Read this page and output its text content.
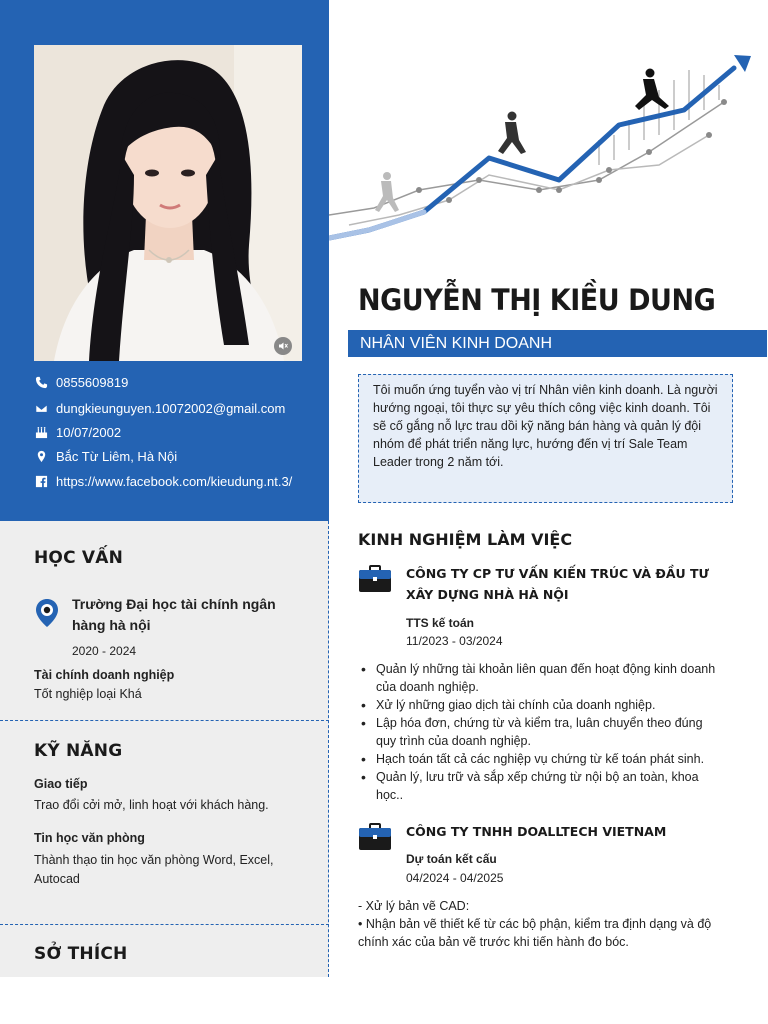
0855609819
dungkieunguyen.10072002@gmail.com
10/07/2002
Bắc Từ Liêm, Hà Nội
https://www.facebook.com/kieudung.nt.3/
HỌC VẤN
Trường Đại học tài chính ngân hàng hà nội
2020 - 2024
Tài chính doanh nghiệp
Tốt nghiệp loại Khá
KỸ NĂNG
Giao tiếp
Trao đổi cởi mở, linh hoạt với khách hàng.
Tin học văn phòng
Thành thạo tin học văn phòng Word, Excel, Autocad
SỞ THÍCH
NGUYỄN THỊ KIỀU DUNG
NHÂN VIÊN KINH DOANH
Tôi muốn ứng tuyển vào vị trí Nhân viên kinh doanh. Là người hướng ngoại, tôi thực sự yêu thích công việc kinh doanh. Tôi sẽ cố gắng nỗ lực trau dồi kỹ năng bán hàng và quản lý đội nhóm để phát triển năng lực, hướng đến vị trí Sale Team Leader trong 2 năm tới.
KINH NGHIỆM LÀM VIỆC
CÔNG TY CP TƯ VẤN KIẾN TRÚC VÀ ĐẦU TƯ XÂY DỰNG NHÀ HÀ NỘI
TTS kế toán
11/2023 - 03/2024
• Quản lý những tài khoản liên quan đến hoạt động kinh doanh của doanh nghiệp.
• Xử lý những giao dịch tài chính của doanh nghiệp.
• Lập hóa đơn, chứng từ và kiểm tra, luân chuyển theo đúng quy trình của doanh nghiệp.
• Hạch toán tất cả các nghiệp vụ chứng từ kế toán phát sinh.
• Quản lý, lưu trữ và sắp xếp chứng từ nội bộ an toàn, khoa học..
CÔNG TY TNHH DOALLTECH VIETNAM
Dự toán kết cấu
04/2024 - 04/2025
- Xử lý bản vẽ CAD:
• Nhận bản vẽ thiết kế từ các bộ phận, kiểm tra định dạng và độ chính xác của bản vẽ trước khi tiến hành đo bóc.
